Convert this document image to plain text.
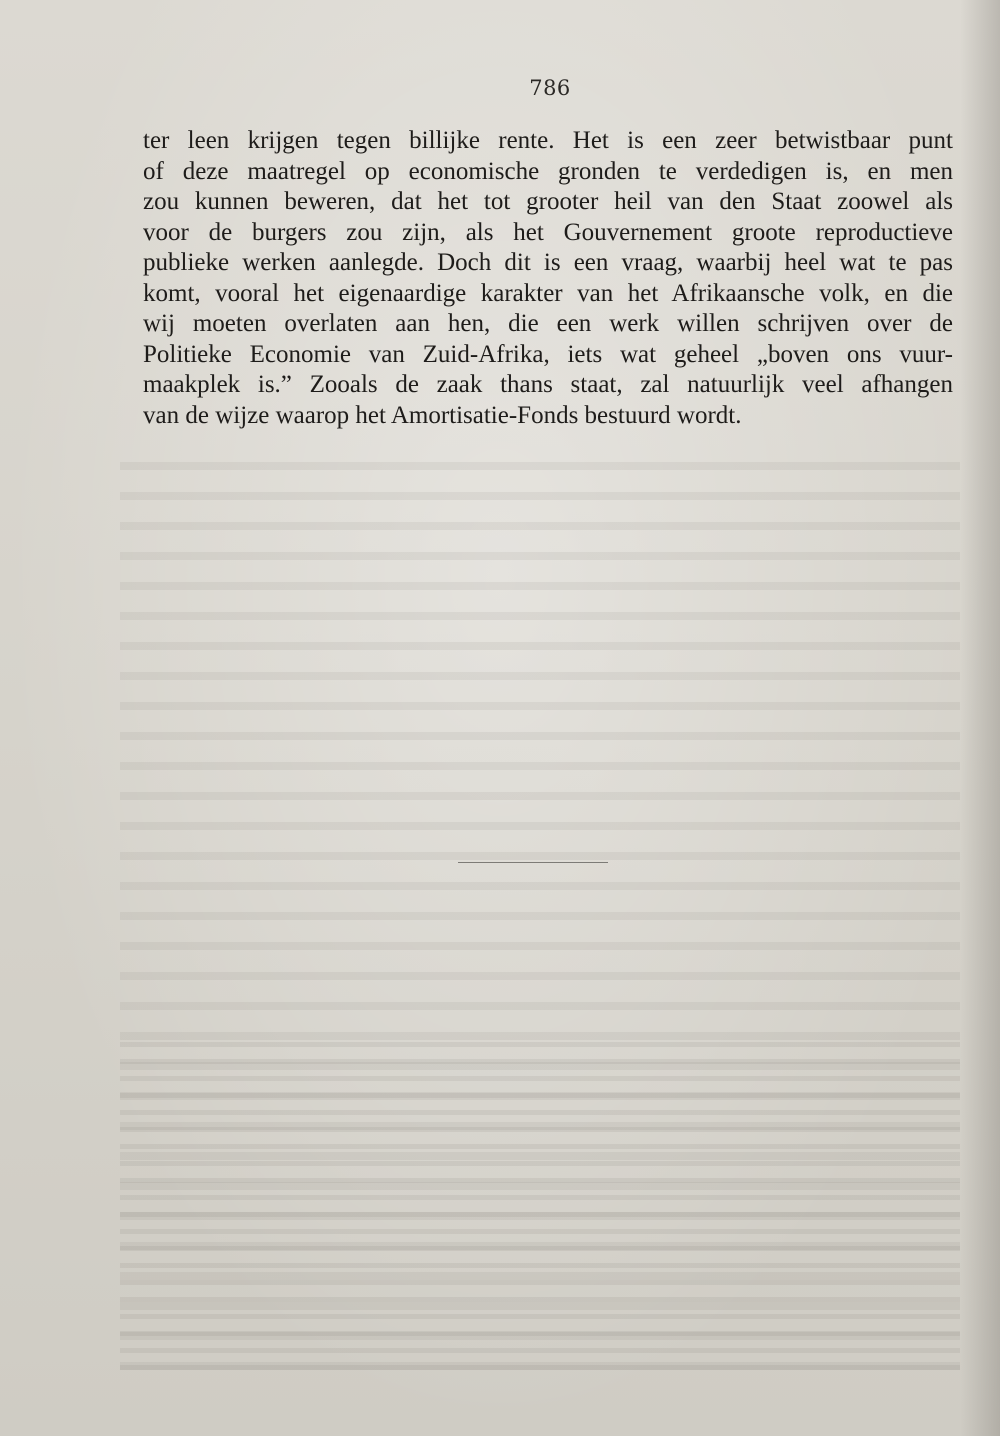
786
ter leen krijgen tegen billijke rente. Het is een zeer betwistbaar punt
of deze maatregel op economische gronden te verdedigen is, en men
zou kunnen beweren, dat het tot grooter heil van den Staat zoowel als
voor de burgers zou zijn, als het Gouvernement groote reproductieve
publieke werken aanlegde. Doch dit is een vraag, waarbij heel wat te pas
komt, vooral het eigenaardige karakter van het Afrikaansche volk, en die
wij moeten overlaten aan hen, die een werk willen schrijven over de
Politieke Economie van Zuid-Afrika, iets wat geheel „boven ons vuur-
maakplek is.” Zooals de zaak thans staat, zal natuurlijk veel afhangen
van de wijze waarop het Amortisatie-Fonds bestuurd wordt.
